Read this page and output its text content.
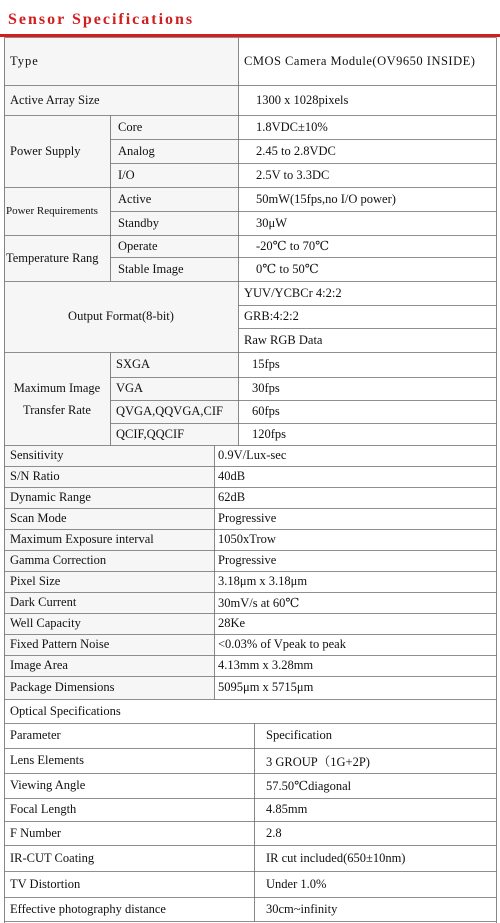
Sensor Specifications
Type	CMOS Camera Module(OV9650 INSIDE)
Active Array Size	1300 x 1028pixels
Power Supply
Core	1.8VDC±10%
Analog	2.45 to 2.8VDC
I/O	2.5V to 3.3DC
Power Requirements
Active	50mW(15fps,no I/O power)
Standby	30μW
Temperature Rang
Operate	-20℃ to 70℃
Stable Image	0℃ to 50℃
Output Format(8-bit)
YUV/YCBCr 4:2:2
GRB:4:2:2
Raw RGB Data
Maximum Image
Transfer Rate
SXGA	15fps
VGA	30fps
QVGA,QQVGA,CIF	60fps
QCIF,QQCIF	120fps
Sensitivity	0.9V/Lux-sec
S/N Ratio	40dB
Dynamic Range	62dB
Scan Mode	Progressive
Maximum Exposure interval	1050xTrow
Gamma Correction	Progressive
Pixel Size	3.18μm x 3.18μm
Dark Current	30mV/s at 60℃
Well Capacity	28Ke
Fixed Pattern Noise	<0.03% of Vpeak to peak
Image Area	4.13mm x 3.28mm
Package Dimensions	5095μm x 5715μm
Optical Specifications
Parameter	Specification
Lens Elements	3 GROUP（1G+2P)
Viewing Angle	57.50℃diagonal
Focal Length	4.85mm
F Number	2.8
IR-CUT Coating	IR cut included(650±10nm)
TV Distortion	Under 1.0%
Effective photography distance	30cm~infinity
